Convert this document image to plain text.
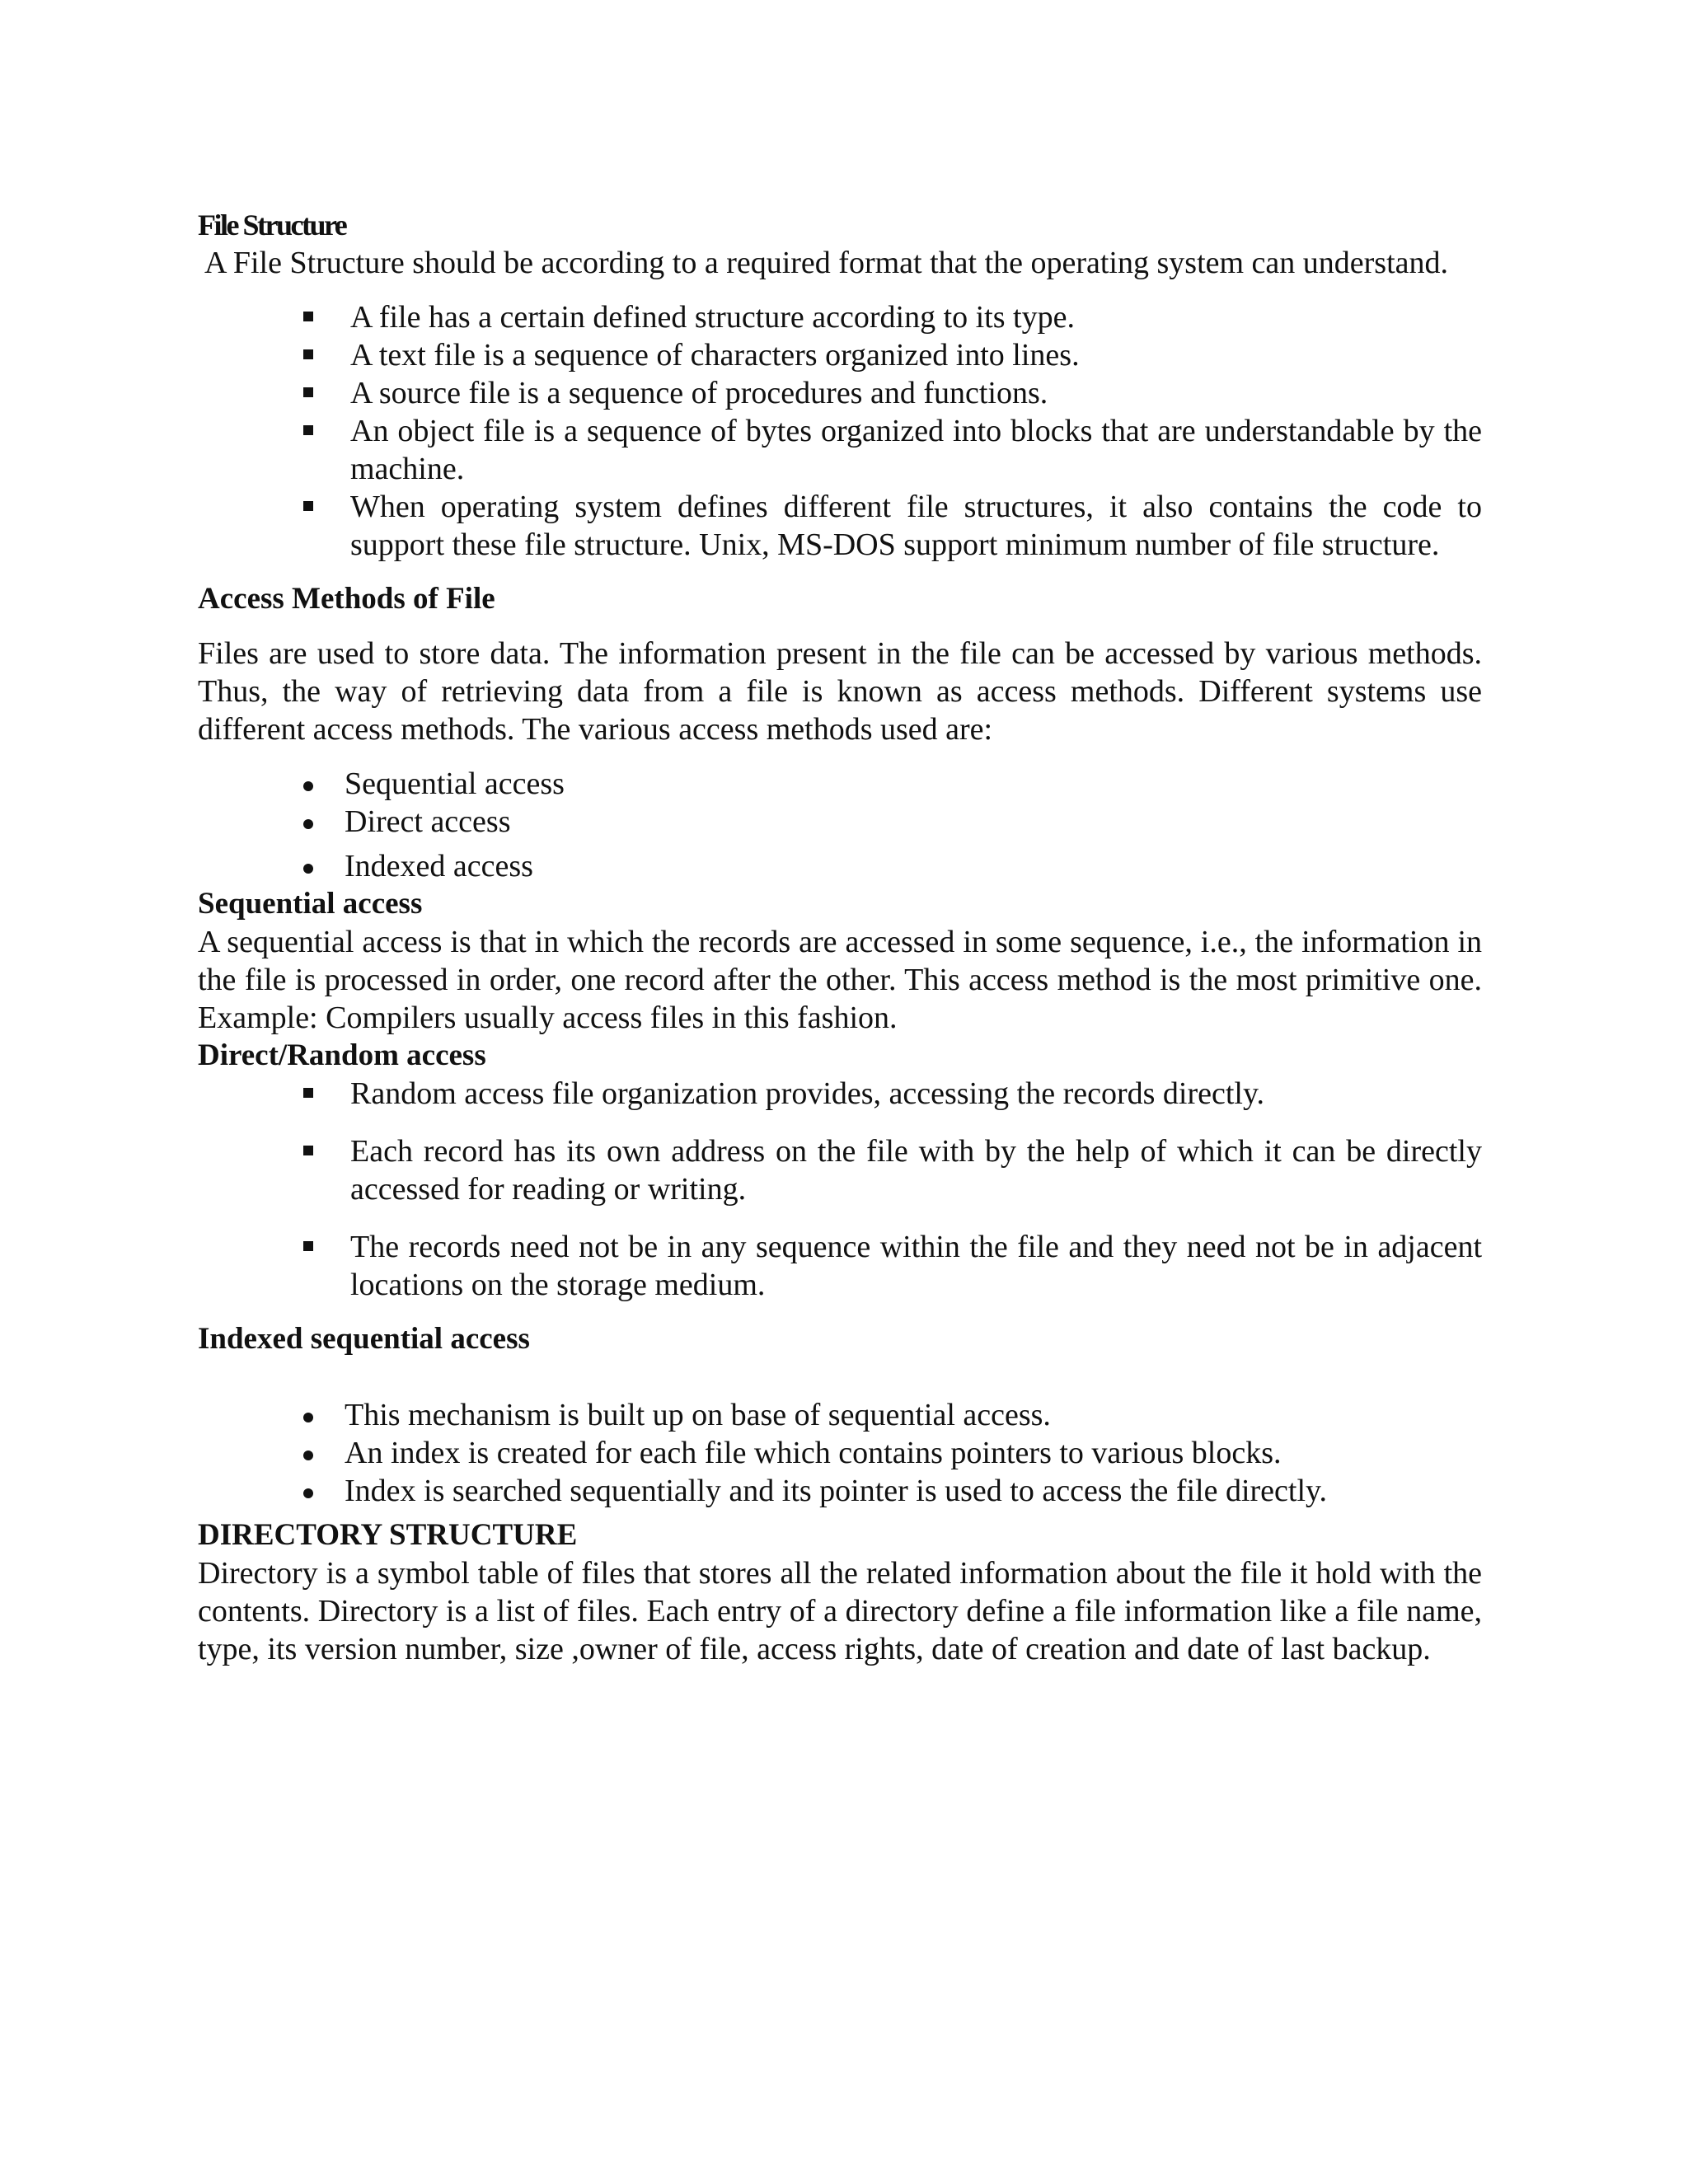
File Structure

A File Structure should be according to a required format that the operating system can understand.

A file has a certain defined structure according to its type.
A text file is a sequence of characters organized into lines.
A source file is a sequence of procedures and functions.
An object file is a sequence of bytes organized into blocks that are understandable by the machine.
When operating system defines different file structures, it also contains the code to support these file structure. Unix, MS-DOS support minimum number of file structure.
Access Methods of File

Files are used to store data. The information present in the file can be accessed by various methods. Thus, the way of retrieving data from a file is known as access methods. Different systems use different access methods. The various access methods used are:

Sequential access
Direct access
Indexed access
Sequential access

A sequential access is that in which the records are accessed in some sequence, i.e., the information in the file is processed in order, one record after the other. This access method is the most primitive one. Example: Compilers usually access files in this fashion.

Direct/Random access
Random access file organization provides, accessing the records directly.
Each record has its own address on the file with by the help of which it can be directly accessed for reading or writing.
The records need not be in any sequence within the file and they need not be in adjacent locations on the storage medium.
Indexed sequential access
This mechanism is built up on base of sequential access.
An index is created for each file which contains pointers to various blocks.
Index is searched sequentially and its pointer is used to access the file directly.
DIRECTORY STRUCTURE

Directory is a symbol table of files that stores all the related information about the file it hold with the contents. Directory is a list of files. Each entry of a directory define a file information like a file name, type, its version number, size ,owner of file, access rights, date of creation and date of last backup.
